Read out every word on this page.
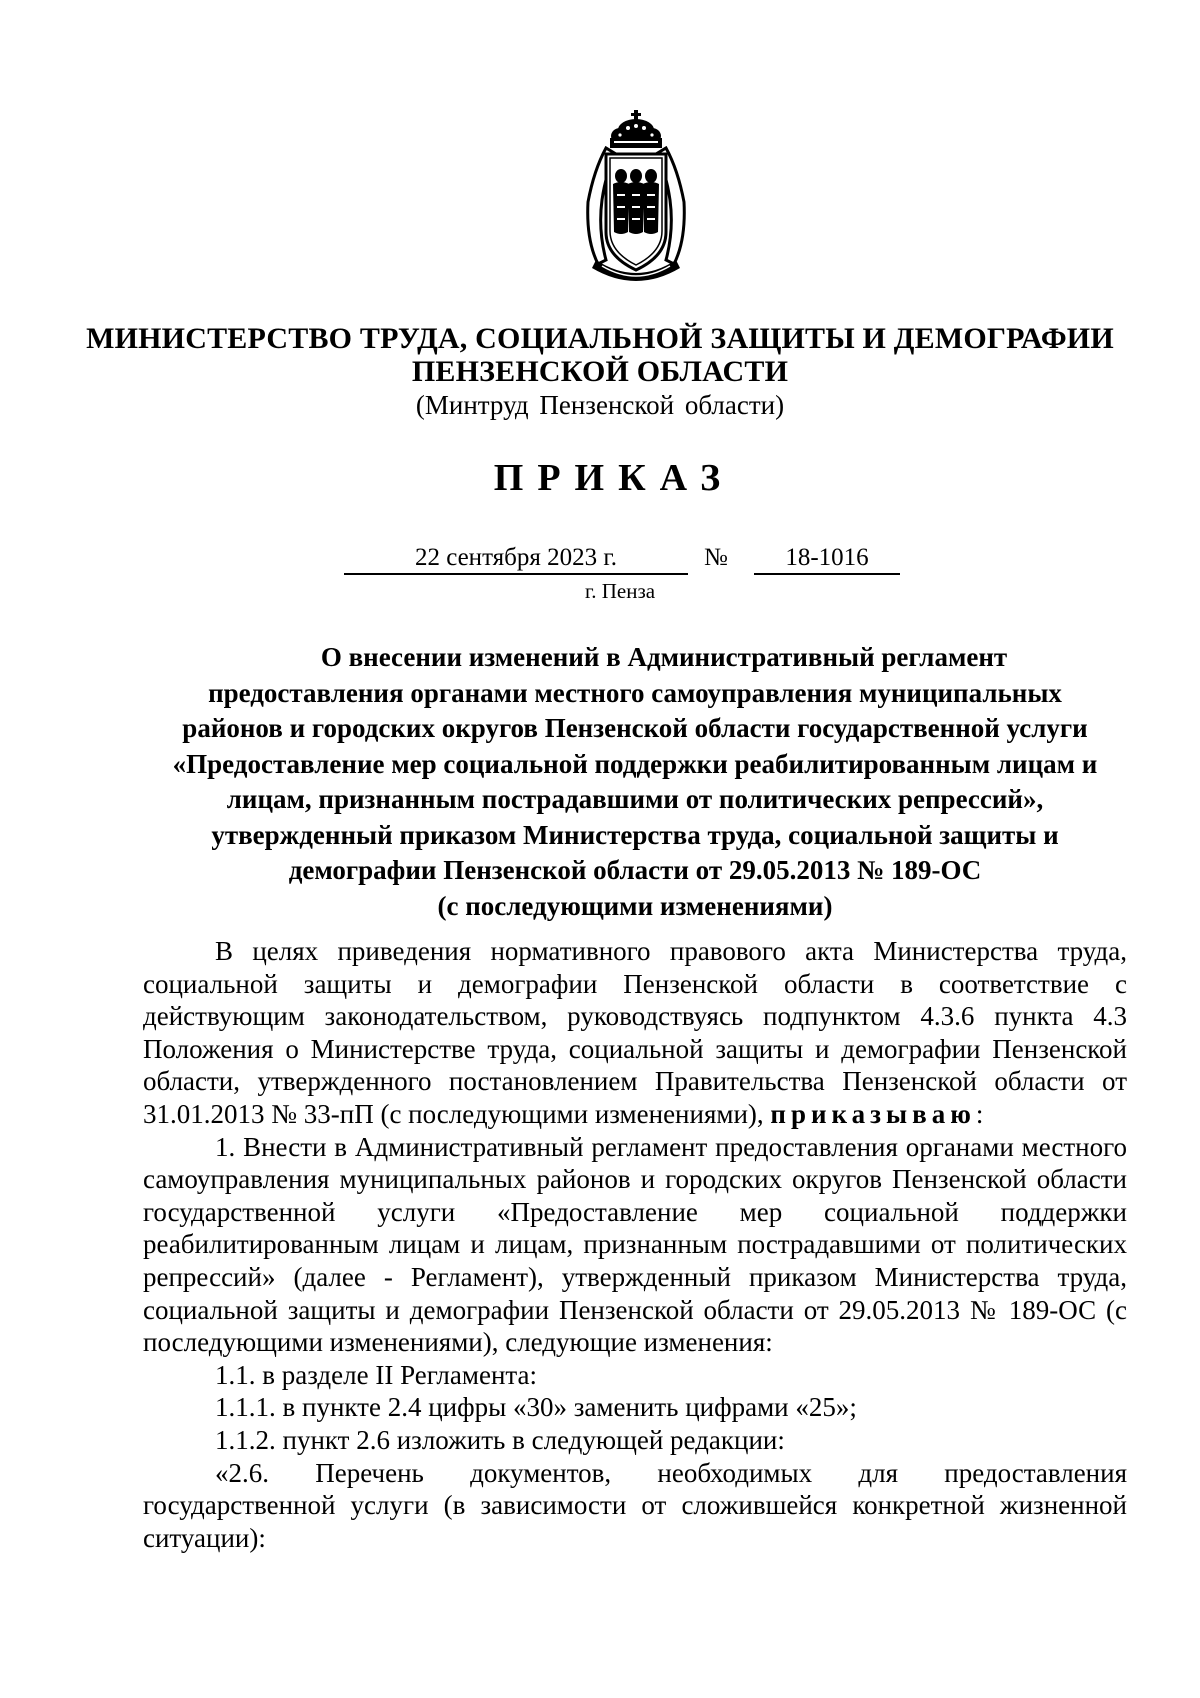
МИНИСТЕРСТВО ТРУДА, СОЦИАЛЬНОЙ ЗАЩИТЫ И ДЕМОГРАФИИ
ПЕНЗЕНСКОЙ ОБЛАСТИ
(Минтруд Пензенской области)
ПРИКАЗ
22 сентября 2023 г.	№	18-1016
г. Пенза
О внесении изменений в Административный регламент
предоставления органами местного самоуправления муниципальных
районов и городских округов Пензенской области государственной услуги
«Предоставление мер социальной поддержки реабилитированным лицам и
лицам, признанным пострадавшими от политических репрессий»,
утвержденный приказом Министерства труда, социальной защиты и
демографии Пензенской области от 29.05.2013 № 189-ОС
(с последующими изменениями)

В целях приведения нормативного правового акта Министерства труда, социальной защиты и демографии Пензенской области в соответствие с действующим законодательством, руководствуясь подпунктом 4.3.6 пункта 4.3 Положения о Министерстве труда, социальной защиты и демографии Пензенской области, утвержденного постановлением Правительства Пензенской области от 31.01.2013 № 33-пП (с последующими изменениями), приказываю:

1. Внести в Административный регламент предоставления органами местного самоуправления муниципальных районов и городских округов Пензенской области государственной услуги «Предоставление мер социальной поддержки реабилитированным лицам и лицам, признанным пострадавшими от политических репрессий» (далее - Регламент), утвержденный приказом Министерства труда, социальной защиты и демографии Пензенской области от 29.05.2013 № 189-ОС (с последующими изменениями), следующие изменения:

1.1. в разделе II Регламента:

1.1.1. в пункте 2.4 цифры «30» заменить цифрами «25»;

1.1.2. пункт 2.6 изложить в следующей редакции:

«2.6. Перечень документов, необходимых для предоставления государственной услуги (в зависимости от сложившейся конкретной жизненной ситуации):
